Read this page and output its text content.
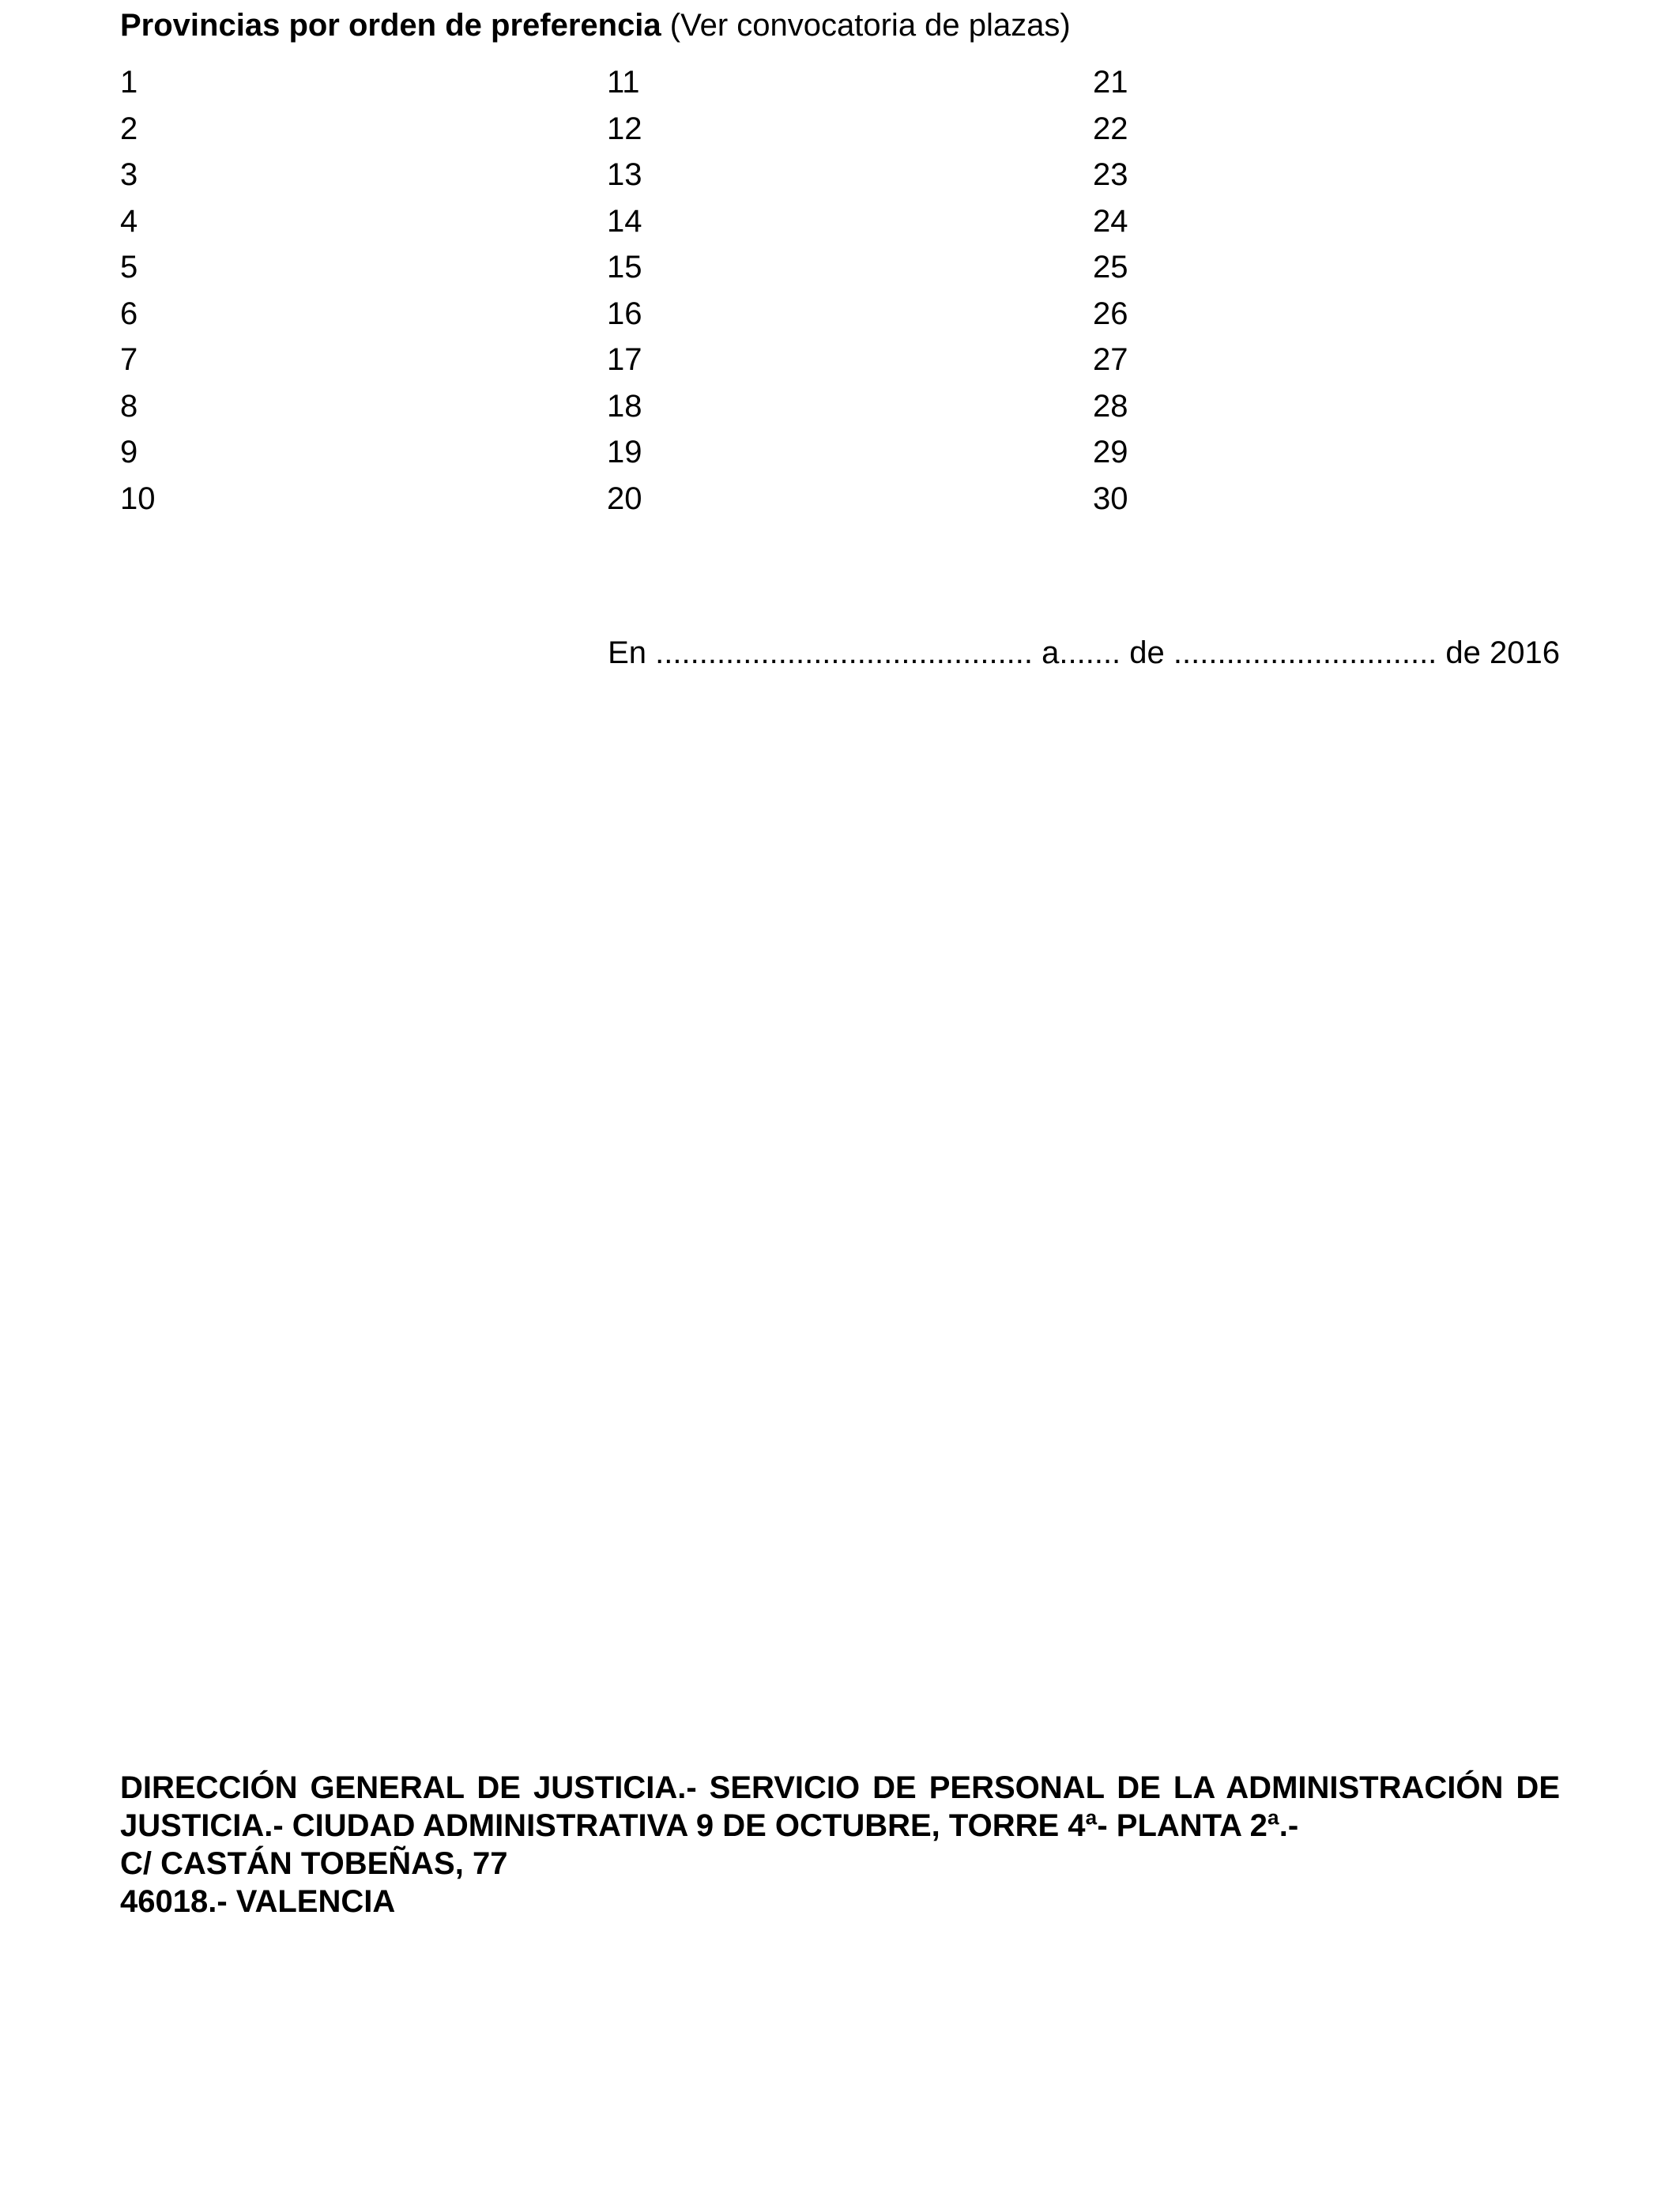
Provincias por orden de preferencia (Ver convocatoria de plazas)
1
2
3
4
5
6
7
8
9
10
11
12
13
14
15
16
17
18
19
20
21
22
23
24
25
26
27
28
29
30
En ........................................... a....... de .............................. de 2016
DIRECCIÓN GENERAL DE JUSTICIA.- SERVICIO DE PERSONAL DE LA ADMINISTRACIÓN DE
JUSTICIA.- CIUDAD ADMINISTRATIVA 9 DE OCTUBRE, TORRE 4ª- PLANTA 2ª.-
C/ CASTÁN TOBEÑAS, 77
46018.- VALENCIA
